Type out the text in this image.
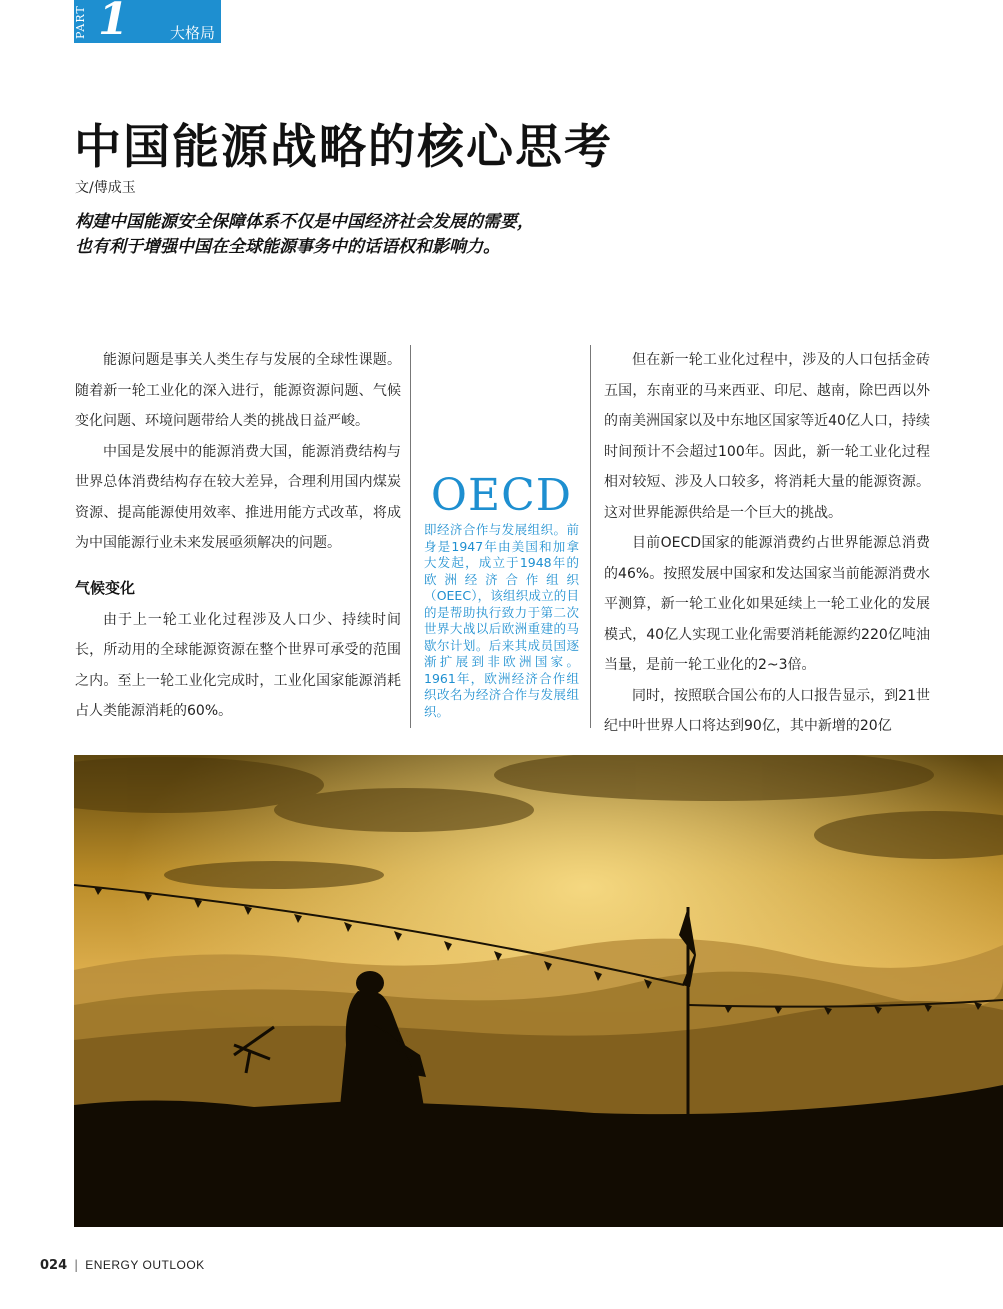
PART 1	大格局
中国能源战略的核心思考
文/傅成玉

构建中国能源安全保障体系不仅是中国经济社会发展的需要，

也有利于增强中国在全球能源事务中的话语权和影响力。

能源问题是事关人类生存与发展的全球性课题。随着新一轮工业化的深入进行，能源资源问题、气候变化问题、环境问题带给人类的挑战日益严峻。

中国是发展中的能源消费大国，能源消费结构与世界总体消费结构存在较大差异，合理利用国内煤炭资源、提高能源使用效率、推进用能方式改革，将成为中国能源行业未来发展亟须解决的问题。

气候变化

由于上一轮工业化过程涉及人口少、持续时间长，所动用的全球能源资源在整个世界可承受的范围之内。至上一轮工业化完成时，工业化国家能源消耗占人类能源消耗的60%。

OECD
即经济合作与发展组织。前身是1947年由美国和加拿大发起，成立于1948年的欧洲经济合作组织（OEEC），该组织成立的目的是帮助执行致力于第二次世界大战以后欧洲重建的马歇尔计划。后来其成员国逐渐扩展到非欧洲国家。1961年，欧洲经济合作组织改名为经济合作与发展组织。

但在新一轮工业化过程中，涉及的人口包括金砖五国，东南亚的马来西亚、印尼、越南，除巴西以外的南美洲国家以及中东地区国家等近40亿人口，持续时间预计不会超过100年。因此，新一轮工业化过程相对较短、涉及人口较多，将消耗大量的能源资源。这对世界能源供给是一个巨大的挑战。

目前OECD国家的能源消费约占世界能源总消费的46%。按照发展中国家和发达国家当前能源消费水平测算，新一轮工业化如果延续上一轮工业化的发展模式，40亿人实现工业化需要消耗能源约220亿吨油当量，是前一轮工业化的2~3倍。

同时，按照联合国公布的人口报告显示，到21世纪中叶世界人口将达到90亿，其中新增的20亿

024 | ENERGY OUTLOOK
